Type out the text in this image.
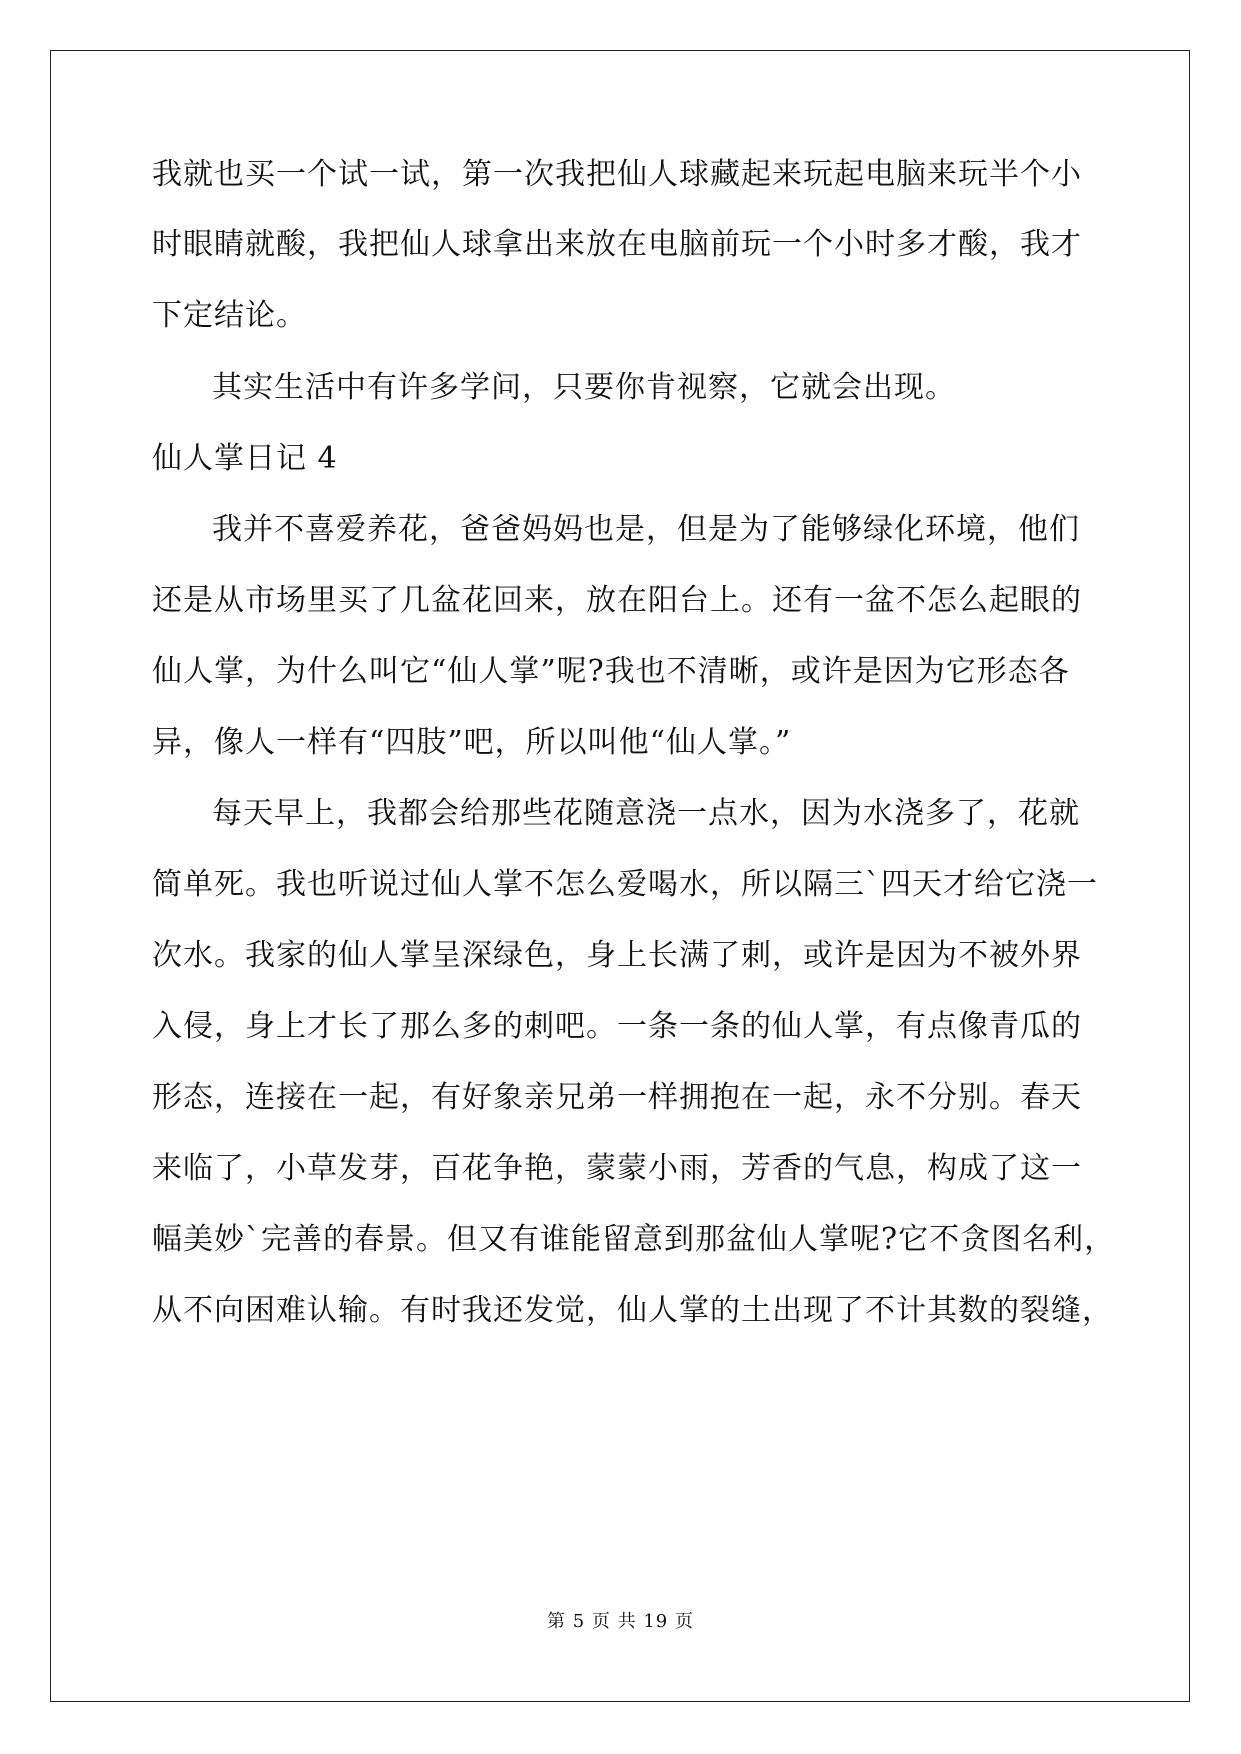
我就也买一个试一试，第一次我把仙人球藏起来玩起电脑来玩半个小
时眼睛就酸，我把仙人球拿出来放在电脑前玩一个小时多才酸，我才
下定结论。
其实生活中有许多学问，只要你肯视察，它就会出现。
仙人掌日记 4
我并不喜爱养花，爸爸妈妈也是，但是为了能够绿化环境，他们
还是从市场里买了几盆花回来，放在阳台上。还有一盆不怎么起眼的
仙人掌，为什么叫它“仙人掌”呢?我也不清晰，或许是因为它形态各
异，像人一样有“四肢”吧，所以叫他“仙人掌。”
每天早上，我都会给那些花随意浇一点水，因为水浇多了，花就
简单死。我也听说过仙人掌不怎么爱喝水，所以隔三`四天才给它浇一
次水。我家的仙人掌呈深绿色，身上长满了刺，或许是因为不被外界
入侵，身上才长了那么多的刺吧。一条一条的仙人掌，有点像青瓜的
形态，连接在一起，有好象亲兄弟一样拥抱在一起，永不分别。春天
来临了，小草发芽，百花争艳，蒙蒙小雨，芳香的气息，构成了这一
幅美妙`完善的春景。但又有谁能留意到那盆仙人掌呢?它不贪图名利，
从不向困难认输。有时我还发觉，仙人掌的土出现了不计其数的裂缝，
第 5 页 共 19 页
